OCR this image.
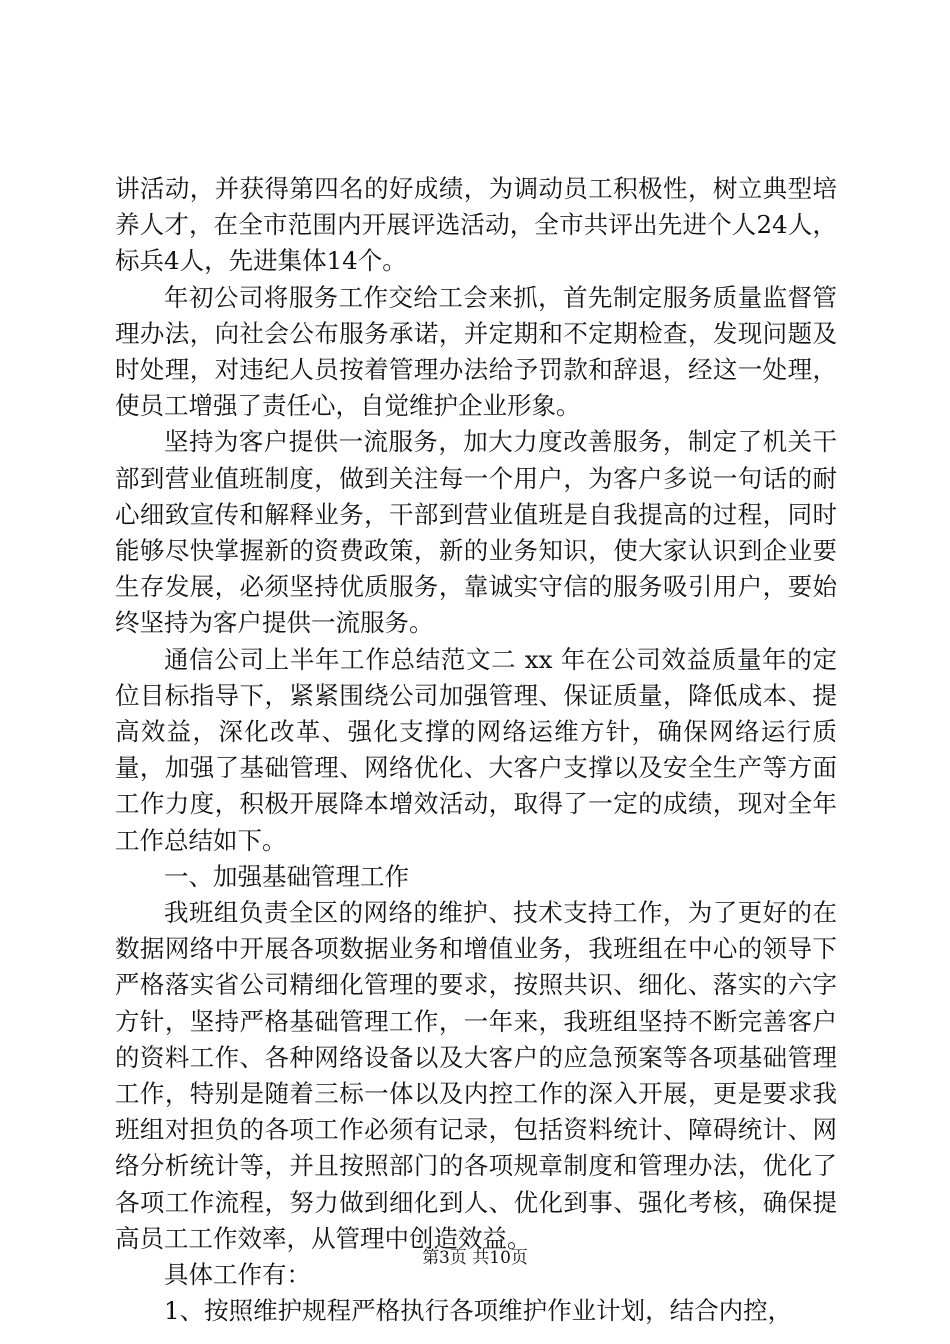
讲活动，并获得第四名的好成绩，为调动员工积极性，树立典型培养人才，在全市范围内开展评选活动，全市共评出先进个人24人，标兵4人，先进集体14个。

年初公司将服务工作交给工会来抓，首先制定服务质量监督管理办法，向社会公布服务承诺，并定期和不定期检查，发现问题及时处理，对违纪人员按着管理办法给予罚款和辞退，经这一处理，使员工增强了责任心，自觉维护企业形象。

坚持为客户提供一流服务，加大力度改善服务，制定了机关干部到营业值班制度，做到关注每一个用户，为客户多说一句话的耐心细致宣传和解释业务，干部到营业值班是自我提高的过程，同时能够尽快掌握新的资费政策，新的业务知识，使大家认识到企业要生存发展，必须坚持优质服务，靠诚实守信的服务吸引用户，要始终坚持为客户提供一流服务。

通信公司上半年工作总结范文二 xx 年在公司效益质量年的定位目标指导下，紧紧围绕公司加强管理、保证质量，降低成本、提高效益，深化改革、强化支撑的网络运维方针，确保网络运行质量，加强了基础管理、网络优化、大客户支撑以及安全生产等方面工作力度，积极开展降本增效活动，取得了一定的成绩，现对全年工作总结如下。

一、加强基础管理工作

我班组负责全区的网络的维护、技术支持工作，为了更好的在数据网络中开展各项数据业务和增值业务，我班组在中心的领导下严格落实省公司精细化管理的要求，按照共识、细化、落实的六字方针，坚持严格基础管理工作，一年来，我班组坚持不断完善客户的资料工作、各种网络设备以及大客户的应急预案等各项基础管理工作，特别是随着三标一体以及内控工作的深入开展，更是要求我班组对担负的各项工作必须有记录，包括资料统计、障碍统计、网络分析统计等，并且按照部门的各项规章制度和管理办法，优化了各项工作流程，努力做到细化到人、优化到事、强化考核，确保提高员工工作效率，从管理中创造效益。

具体工作有：

1、按照维护规程严格执行各项维护作业计划，结合内控，

第3页 共10页
